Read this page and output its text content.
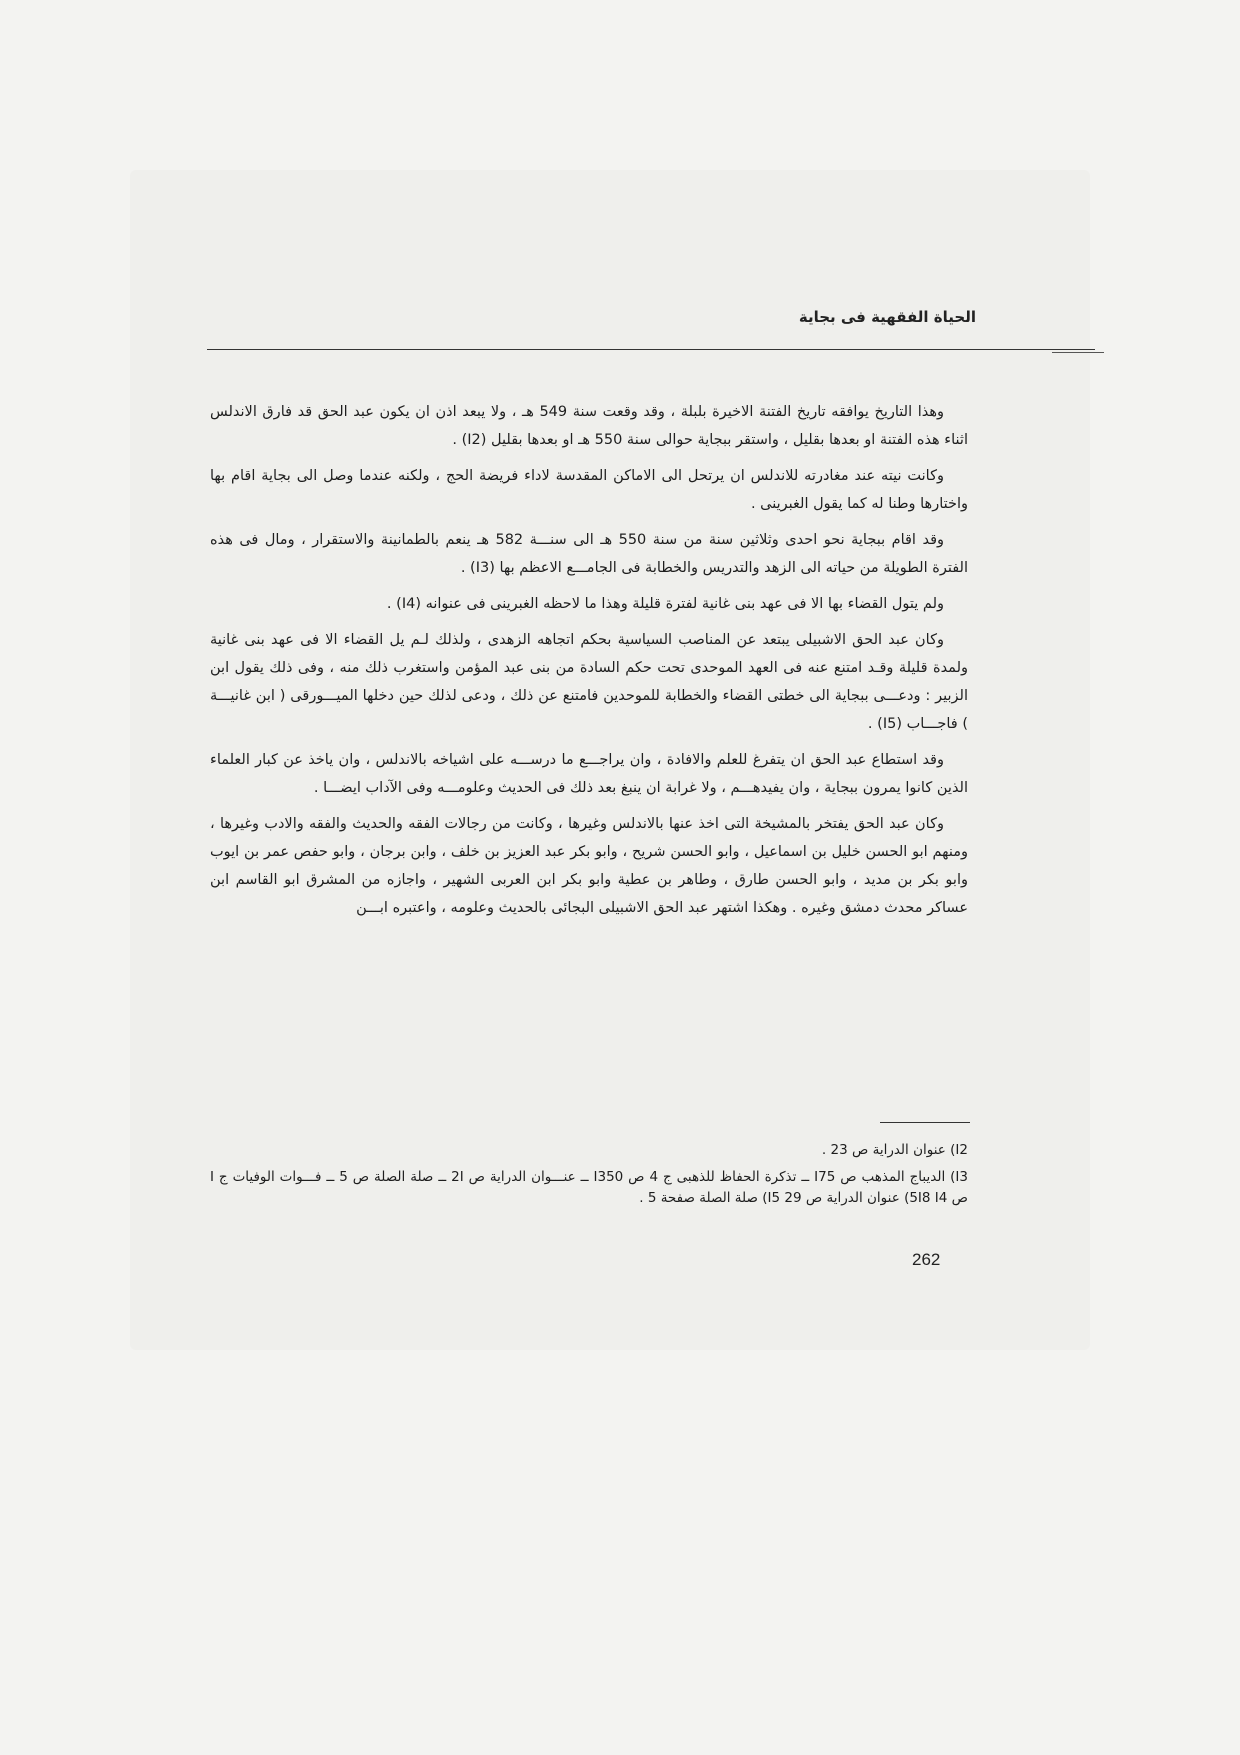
الحياة الفقهية فى بجاية

وهذا التاريخ يوافقه تاريخ الفتنة الاخيرة بلبلة ، وقد وقعت سنة 549 هـ ، ولا يبعد اذن ان يكون عبد الحق قد فارق الاندلس اثناء هذه الفتنة او بعدها بقليل ، واستقر ببجاية حوالى سنة 550 هـ او بعدها بقليل (I2) .

وكانت نيته عند مغادرته للاندلس ان يرتحل الى الاماكن المقدسة لاداء فريضة الحج ، ولكنه عندما وصل الى بجاية اقام بها واختارها وطنا له كما يقول الغبرينى .

وقد اقام ببجاية نحو احدى وثلاثين سنة من سنة 550 هـ الى سنـــة 582 هـ ينعم بالطمانينة والاستقرار ، ومال فى هذه الفترة الطويلة من حياته الى الزهد والتدريس والخطابة فى الجامـــع الاعظم بها (I3) .

ولم يتول القضاء بها الا فى عهد بنى غانية لفترة قليلة وهذا ما لاحظه الغبرينى فى عنوانه (I4) .

وكان عبد الحق الاشبيلى يبتعد عن المناصب السياسية بحكم اتجاهه الزهدى ، ولذلك لـم يل القضاء الا فى عهد بنى غانية ولمدة قليلة وقـد امتنع عنه فى العهد الموحدى تحت حكم السادة من بنى عبد المؤمن واستغرب ذلك منه ، وفى ذلك يقول ابن الزبير : ودعـــى ببجاية الى خطتى القضاء والخطابة للموحدين فامتنع عن ذلك ، ودعى لذلك حين دخلها الميـــورقى ( ابن غانيـــة ) فاجـــاب (I5) .

وقد استطاع عبد الحق ان يتفرغ للعلم والافادة ، وان يراجـــع ما درســـه على اشياخه بالاندلس ، وان ياخذ عن كبار العلماء الذين كانوا يمرون ببجاية ، وان يفيدهـــم ، ولا غرابة ان ينبغ بعد ذلك فى الحديث وعلومـــه وفى الآداب ايضـــا .

وكان عبد الحق يفتخر بالمشيخة التى اخذ عنها بالاندلس وغيرها ، وكانت من رجالات الفقه والحديث والفقه والادب وغيرها ، ومنهم ابو الحسن خليل بن اسماعيل ، وابو الحسن شريح ، وابو بكر عبد العزيز بن خلف ، وابن برجان ، وابو حفص عمر بن ايوب وابو بكر بن مديد ، وابو الحسن طارق ، وطاهر بن عطية وابو بكر ابن العربى الشهير ، واجازه من المشرق ابو القاسم ابن عساكر محدث دمشق وغيره . وهكذا اشتهر عبد الحق الاشبيلى البجائى بالحديث وعلومه ، واعتبره ابـــن

I2) عنوان الدراية ص 23 .

I3) الديباج المذهب ص I75 ــ تذكرة الحفاظ للذهبى ج 4 ص I350 ــ عنـــوان الدراية ص 2I ــ صلة الصلة ص 5 ــ فـــوات الوفيات ج I ص 5I8 I4) عنوان الدراية ص 29 I5) صلة الصلة صفحة 5 .

262
